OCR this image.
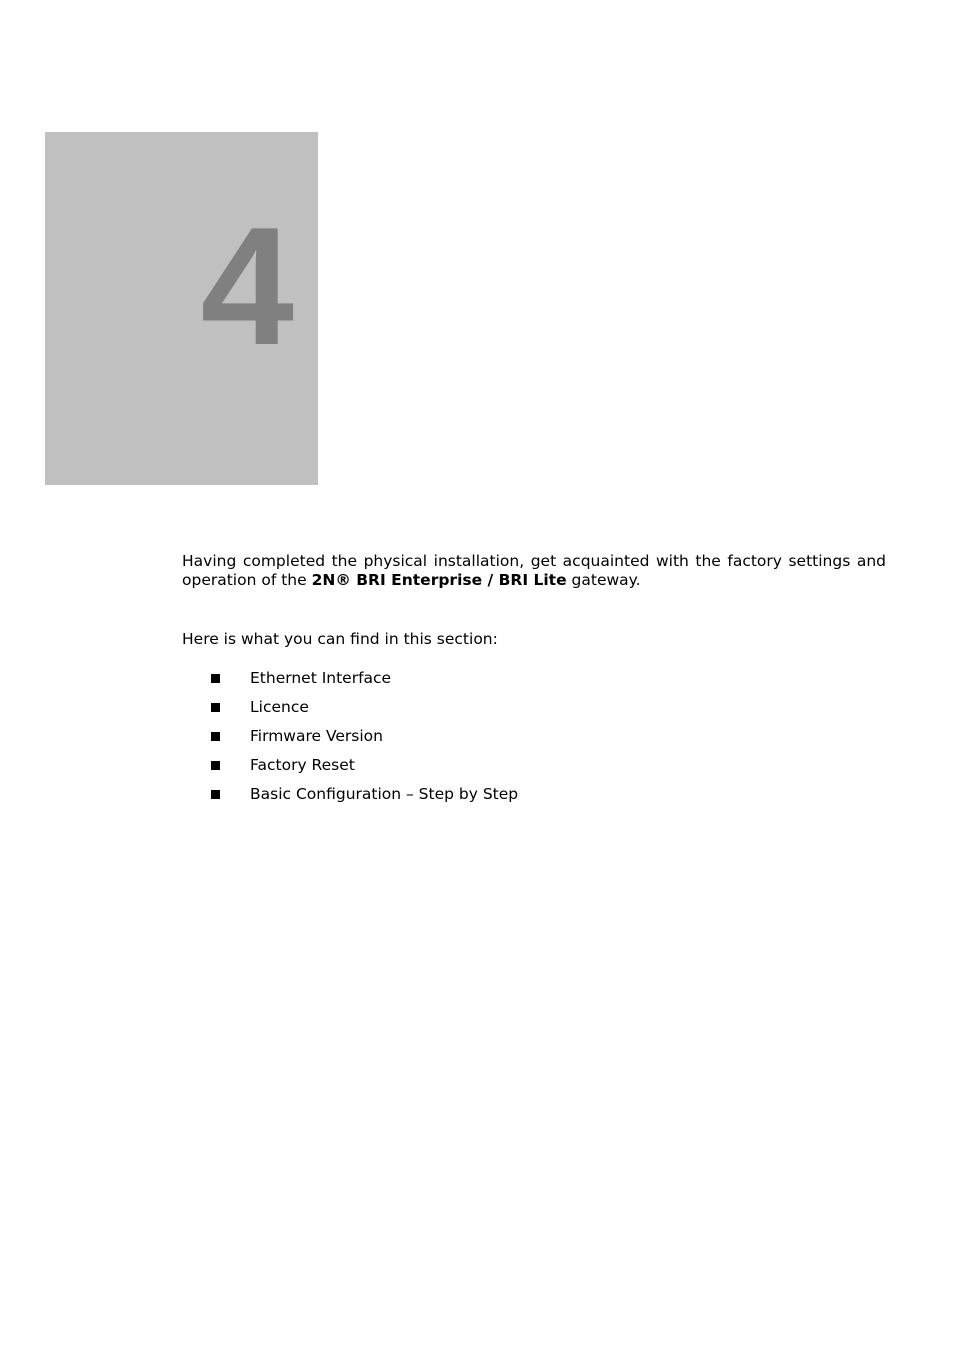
4

Having completed the physical installation, get acquainted with the factory settings and operation of the 2N® BRI Enterprise / BRI Lite gateway.

Here is what you can find in this section:

Ethernet Interface
Licence
Firmware Version
Factory Reset
Basic Configuration – Step by Step
